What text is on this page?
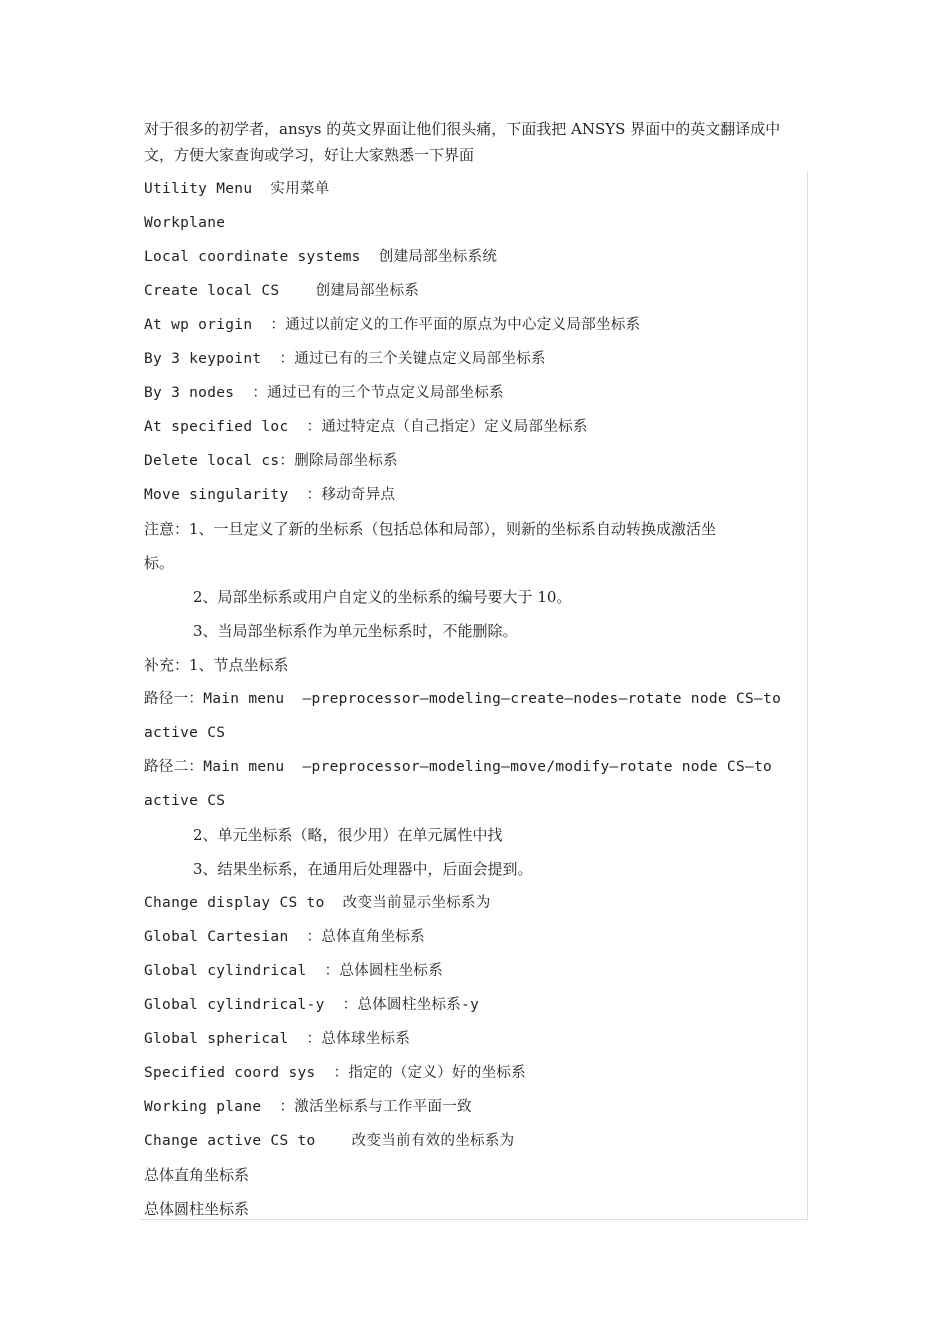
对于很多的初学者，ansys 的英文界面让他们很头痛，下面我把 ANSYS 界面中的英文翻译成中文，方便大家查询或学习，好让大家熟悉一下界面

Utility Menu  实用菜单
Workplane
Local coordinate systems  创建局部坐标系统
Create local CS    创建局部坐标系
At wp origin  ：通过以前定义的工作平面的原点为中心定义局部坐标系
By 3 keypoint  ：通过已有的三个关键点定义局部坐标系
By 3 nodes  ：通过已有的三个节点定义局部坐标系
At specified loc  ：通过特定点（自己指定）定义局部坐标系
Delete local cs：删除局部坐标系
Move singularity  ：移动奇异点
注意：1、一旦定义了新的坐标系（包括总体和局部），则新的坐标系自动转换成激活坐
标。
2、局部坐标系或用户自定义的坐标系的编号要大于 10。
3、当局部坐标系作为单元坐标系时，不能删除。
补充：1、节点坐标系
路径一：Main menu  —preprocessor—modeling—create—nodes—rotate node CS—to
active CS
路径二：Main menu  —preprocessor—modeling—move/modify—rotate node CS—to
active CS
2、单元坐标系（略，很少用）在单元属性中找
3、结果坐标系，在通用后处理器中，后面会提到。
Change display CS to  改变当前显示坐标系为
Global Cartesian  ：总体直角坐标系
Global cylindrical  ：总体圆柱坐标系
Global cylindrical-y  ：总体圆柱坐标系-y
Global spherical  ：总体球坐标系
Specified coord sys  ：指定的（定义）好的坐标系
Working plane  ：激活坐标系与工作平面一致
Change active CS to    改变当前有效的坐标系为
总体直角坐标系
总体圆柱坐标系
